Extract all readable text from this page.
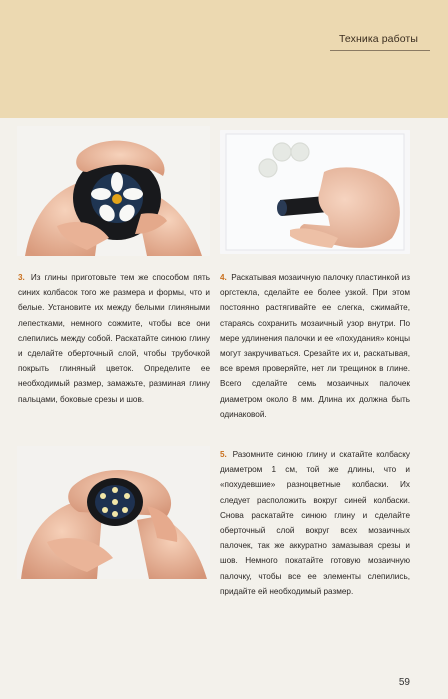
Техника работы
3. Из глины приготовьте тем же способом пять синих колбасок того же размера и формы, что и белые. Установите их между белыми глиняными лепестками, немного сожмите, чтобы все они слепились между собой. Раскатайте синюю глину и сделайте оберточный слой, чтобы трубочкой покрыть глиняный цветок. Определите ее необходимый размер, замажьте, разминая глину пальцами, боковые срезы и шов.
4. Раскатывая мозаичную палочку пластинкой из оргстекла, сделайте ее более узкой. При этом постоянно растягивайте ее слегка, сжимайте, стараясь сохранить мозаичный узор внутри. По мере удлинения палочки и ее «похудания» концы могут закручиваться. Срезайте их и, раскатывая, все время проверяйте, нет ли трещинок в глине. Всего сделайте семь мозаичных палочек диаметром около 8 мм. Длина их должна быть одинаковой.
5. Разомните синюю глину и скатайте колбаску диаметром 1 см, той же длины, что и «похудевшие» разноцветные колбаски. Их следует расположить вокруг синей колбаски. Снова раскатайте синюю глину и сделайте оберточный слой вокруг всех мозаичных палочек, так же аккуратно замазывая срезы и шов. Немного покатайте готовую мозаичную палочку, чтобы все ее элементы слепились, придайте ей необходимый размер.
59
